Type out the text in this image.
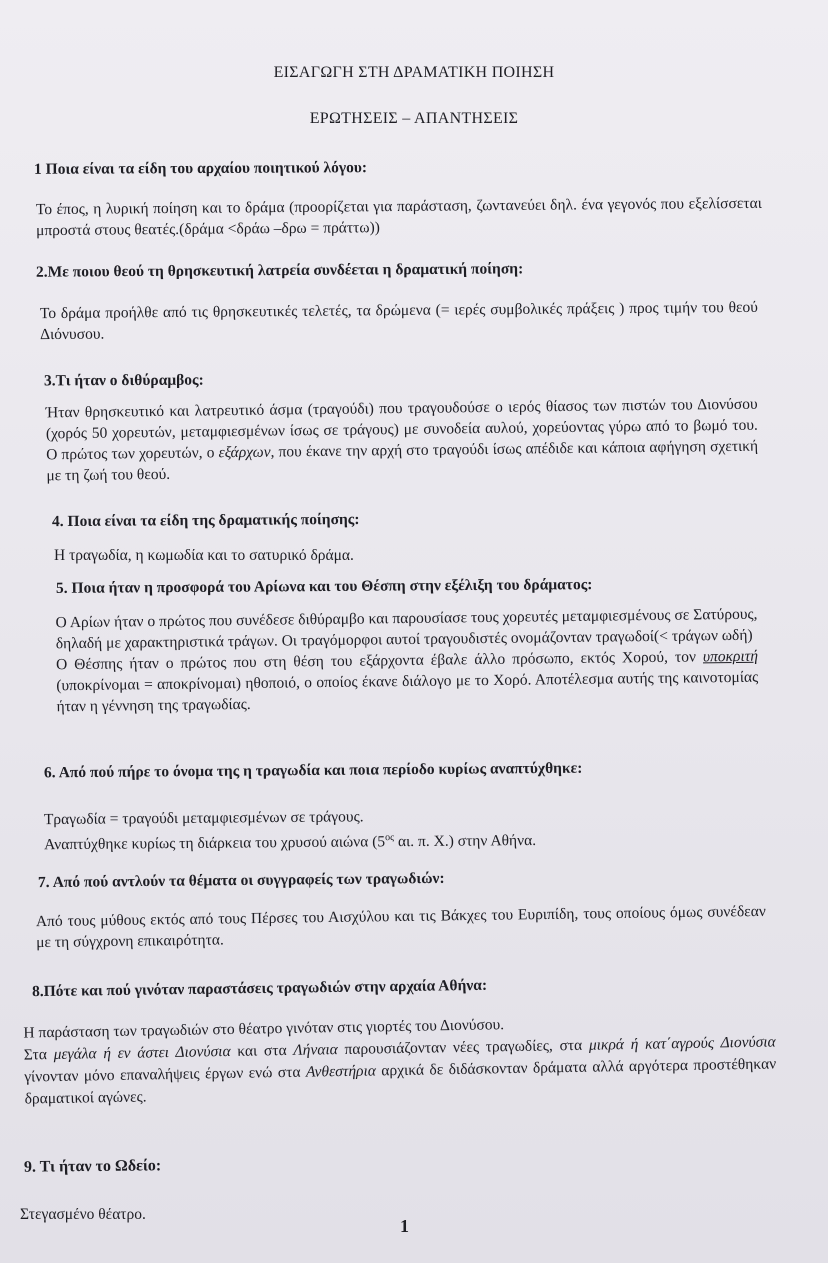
ΕΙΣΑΓΩΓΗ ΣΤΗ ΔΡΑΜΑΤΙΚΗ ΠΟΙΗΣΗ
ΕΡΩΤΗΣΕΙΣ – ΑΠΑΝΤΗΣΕΙΣ
1 Ποια είναι τα είδη του αρχαίου ποιητικού λόγου:
Το έπος, η λυρική ποίηση και το δράμα (προορίζεται για παράσταση, ζωντανεύει δηλ. ένα γεγονός που εξελίσσεται μπροστά στους θεατές.(δράμα <δράω –δρω = πράττω))
2.Με ποιου θεού τη θρησκευτική λατρεία συνδέεται η δραματική ποίηση:
Το δράμα προήλθε από τις θρησκευτικές τελετές, τα δρώμενα (= ιερές συμβολικές πράξεις ) προς τιμήν του θεού Διόνυσου.
3.Τι ήταν ο διθύραμβος:
Ήταν θρησκευτικό και λατρευτικό άσμα (τραγούδι) που τραγουδούσε ο ιερός θίασος των πιστών του Διονύσου (χορός 50 χορευτών, μεταμφιεσμένων ίσως σε τράγους) με συνοδεία αυλού, χορεύοντας γύρω από το βωμό του. Ο πρώτος των χορευτών, ο εξάρχων, που έκανε την αρχή στο τραγούδι ίσως απέδιδε και κάποια αφήγηση σχετική με τη ζωή του θεού.
4. Ποια είναι τα είδη της δραματικής ποίησης:
Η τραγωδία, η κωμωδία και το σατυρικό δράμα.
5. Ποια ήταν η προσφορά του Αρίωνα και του Θέσπη στην εξέλιξη του δράματος:

Ο Αρίων ήταν ο πρώτος που συνέδεσε διθύραμβο και παρουσίασε τους χορευτές μεταμφιεσμένους σε Σατύρους, δηλαδή με χαρακτηριστικά τράγων. Οι τραγόμορφοι αυτοί τραγουδιστές ονομάζονταν τραγωδοί(< τράγων ωδή)

Ο Θέσπης ήταν ο πρώτος που στη θέση του εξάρχοντα έβαλε άλλο πρόσωπο, εκτός Χορού, τον υποκριτή (υποκρίνομαι = αποκρίνομαι) ηθοποιό, ο οποίος έκανε διάλογο με το Χορό. Αποτέλεσμα αυτής της καινοτομίας ήταν η γέννηση της τραγωδίας.

6. Από πού πήρε το όνομα της η τραγωδία και ποια περίοδο κυρίως αναπτύχθηκε:

Τραγωδία = τραγούδι μεταμφιεσμένων σε τράγους.

Αναπτύχθηκε κυρίως τη διάρκεια του χρυσού αιώνα ($5^{o\varsigma}$ αι. π. Χ.) στην Αθήνα.

7. Από πού αντλούν τα θέματα οι συγγραφείς των τραγωδιών:
Από τους μύθους εκτός από τους Πέρσες του Αισχύλου και τις Βάκχες του Ευριπίδη, τους οποίους όμως συνέδεαν με τη σύγχρονη επικαιρότητα.
8.Πότε και πού γινόταν παραστάσεις τραγωδιών στην αρχαία Αθήνα:

Η παράσταση των τραγωδιών στο θέατρο γινόταν στις γιορτές του Διονύσου.

Στα μεγάλα ή εν άστει Διονύσια και στα Λήναια παρουσιάζονταν νέες τραγωδίες, στα μικρά ή κατ΄αγρούς Διονύσια γίνονταν μόνο επαναλήψεις έργων ενώ στα Ανθεστήρια αρχικά δε διδάσκονταν δράματα αλλά αργότερα προστέθηκαν δραματικοί αγώνες.

9. Τι ήταν το Ωδείο:
Στεγασμένο θέατρο.
1
